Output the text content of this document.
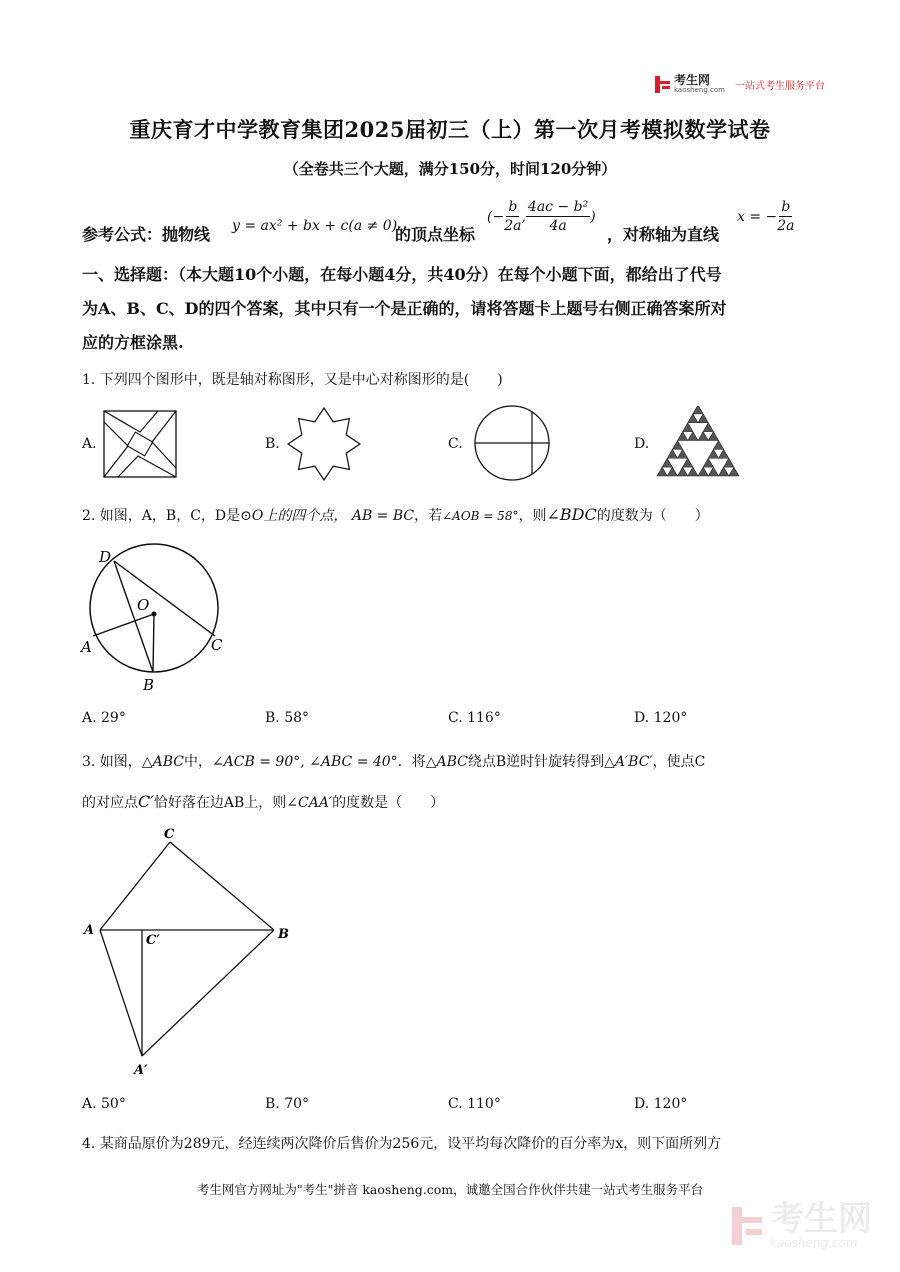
考生网
kaosheng.com 一站式考生服务平台
重庆育才中学教育集团2025届初三（上）第一次月考模拟数学试卷
（全卷共三个大题，满分150分，时间120分钟）
参考公式：抛物线 y = ax² + bx + c(a ≠ 0)
的顶点坐标
(− $\frac{b}{2a}$ , $\frac{\text{4ac − b²}}{4a}$ )
，对称轴为直线
x = − $\frac{b}{2a}$
一、选择题：（本大题10个小题，在每小题4分，共40分）在每个小题下面，都给出了代号
为A、B、C、D的四个答案，其中只有一个是正确的，请将答题卡上题号右侧正确答案所对
应的方框涂黑.
1. 下列四个图形中，既是轴对称图形，又是中心对称图形的是(　　)
A.	B.	C.	D.
2. 如图，A，B，C，D是⊙O上的四个点， AB = BC，若∠AOB = 58°，则∠BDC的度数为（　　）
D
O
A
B
C
A. 29°	B. 58°	C. 116°	D. 120°
3. 如图，△ABC中，∠ACB = 90°, ∠ABC = 40°．将△ABC绕点B逆时针旋转得到△A′BC′，使点C
的对应点C′恰好落在边AB上，则∠CAA′的度数是（　　）
C
A	B
C′
A′
A. 50°	B. 70°	C. 110°	D. 120°
4. 某商品原价为289元，经连续两次降价后售价为256元，设平均每次降价的百分率为x，则下面所列方
考生网官方网址为"考生"拼音 kaosheng.com，诚邀全国合作伙伴共建一站式考生服务平台
考生网
kaosheng.com
